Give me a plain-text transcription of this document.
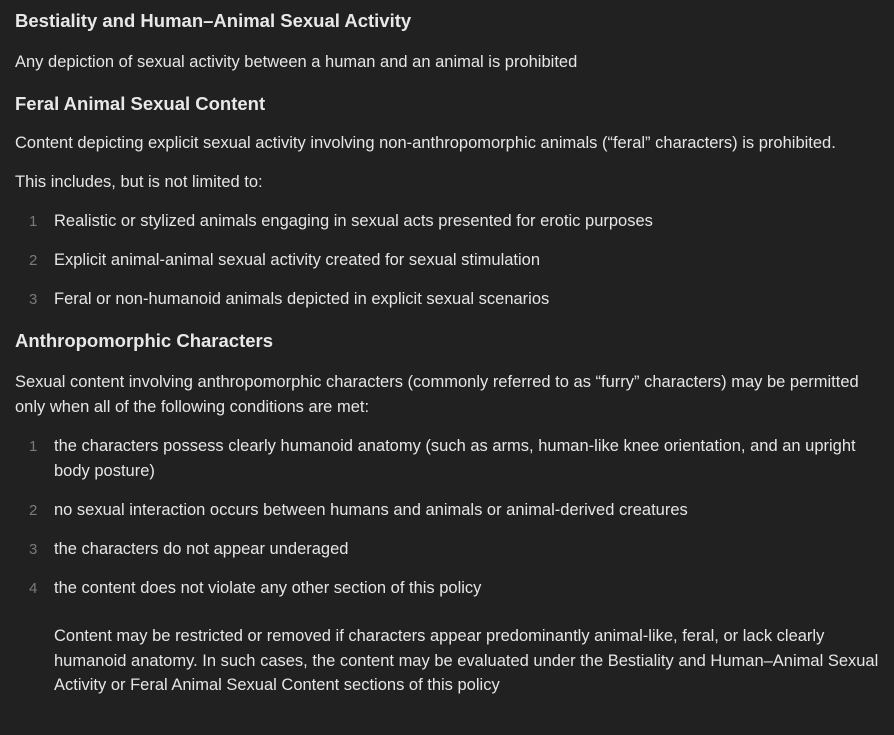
Bestiality and Human–Animal Sexual Activity

Any depiction of sexual activity between a human and an animal is prohibited

Feral Animal Sexual Content

Content depicting explicit sexual activity involving non-anthropomorphic animals (“feral” characters) is prohibited.

This includes, but is not limited to:

1 Realistic or stylized animals engaging in sexual acts presented for erotic purposes
2 Explicit animal-animal sexual activity created for sexual stimulation
3 Feral or non-humanoid animals depicted in explicit sexual scenarios
Anthropomorphic Characters

Sexual content involving anthropomorphic characters (commonly referred to as “furry” characters) may be permitted only when all of the following conditions are met:

1 the characters possess clearly humanoid anatomy (such as arms, human-like knee orientation, and an upright body posture)
2 no sexual interaction occurs between humans and animals or animal-derived creatures
3 the characters do not appear underaged
4 the content does not violate any other section of this policy

Content may be restricted or removed if characters appear predominantly animal-like, feral, or lack clearly humanoid anatomy. In such cases, the content may be evaluated under the Bestiality and Human–Animal Sexual Activity or Feral Animal Sexual Content sections of this policy
